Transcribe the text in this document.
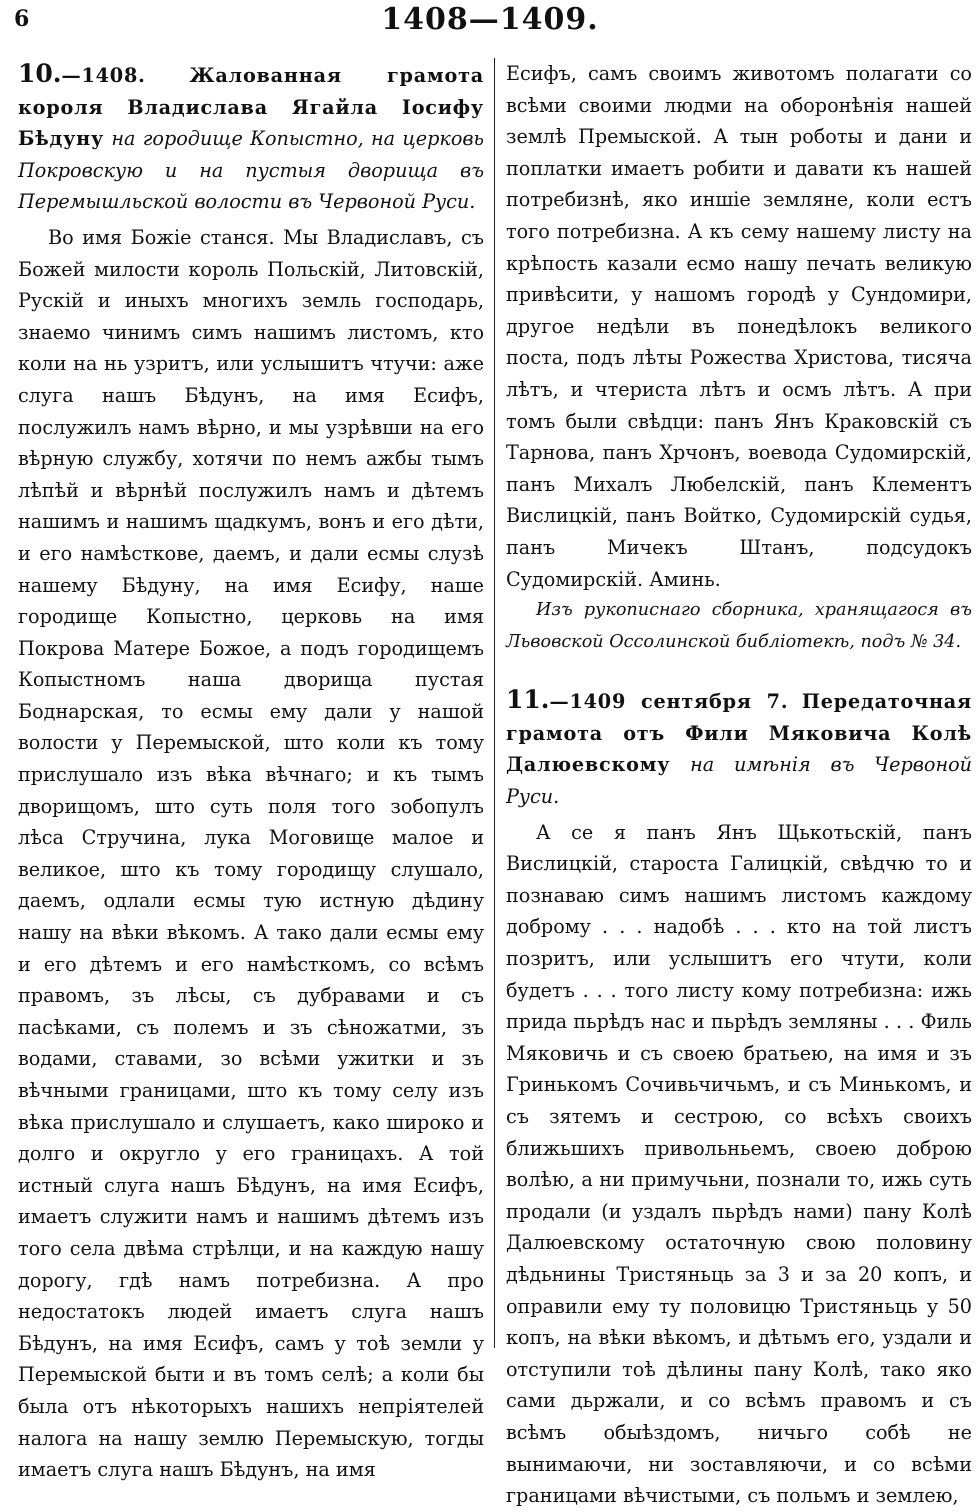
6	1408—1409.

10.—1408. Жалованная грамота короля Владислава Ягайла Іосифу Бѣдуну на городище Копыстно, на церковь Покровскую и на пустыя дворища въ Перемышльской волости въ Червоной Руси.

Во имя Божіе станся. Мы Владиславъ, съ Божей милости король Польскій, Литовскій, Рускій и иныхъ многихъ земль господарь, знаемо чинимъ симъ нашимъ листомъ, кто коли на нь узритъ, или услышитъ чтучи: аже слуга нашъ Бѣдунъ, на имя Есифъ, послужилъ намъ вѣрно, и мы узрѣвши на его вѣрную службу, хотячи по немъ ажбы тымъ лѣпѣй и вѣрнѣй послужилъ намъ и дѣтемъ нашимъ и нашимъ щадкумъ, вонъ и его дѣти, и его намѣсткове, даемъ, и дали есмы слузѣ нашему Бѣдуну, на имя Есифу, наше городище Копыстно, церковь на имя Покрова Матере Божое, а подъ городищемъ Копыстномъ наша дворища пустая Боднарская, то есмы ему дали у нашой волости у Перемыской, што коли къ тому прислушало изъ вѣка вѣчнаго; и къ тымъ дворищомъ, што суть поля того зобопулъ лѣса Стручина, лука Моговище малое и великое, што къ тому городищу слушало, даемъ, одлали есмы тую истную дѣдину нашу на вѣки вѣкомъ. А тако дали есмы ему и его дѣтемъ и его намѣсткомъ, со всѣмъ правомъ, зъ лѣсы, съ дубравами и съ пасѣками, съ полемъ и зъ сѣножатми, зъ водами, ставами, зо всѣми ужитки и зъ вѣчными границами, што къ тому селу изъ вѣка прислушало и слушаетъ, како широко и долго и округло у его границахъ. А той истный слуга нашъ Бѣдунъ, на имя Есифъ, имаетъ служити намъ и нашимъ дѣтемъ изъ того села двѣма стрѣлци, и на каждую нашу дорогу, гдѣ намъ потребизна. А про недостатокъ людей имаетъ слуга нашъ Бѣдунъ, на имя Есифъ, самъ у тоѣ земли у Перемыской быти и въ томъ селѣ; а коли бы была отъ нѣкоторыхъ нашихъ непріятелей налога на нашу землю Перемыскую, тогды имаетъ слуга нашъ Бѣдунъ, на имя

Есифъ, самъ своимъ животомъ полагати со всѣми своими людми на оборонѣнія нашей землѣ Премыской. А тын роботы и дани и поплатки имаетъ робити и давати къ нашей потребизнѣ, яко иншіе земляне, коли естъ того потребизна. А къ сему нашему листу на крѣпость казали есмо нашу печать великую привѣсити, у нашомъ городѣ у Сундомири, другое недѣли въ понедѣлокъ великого поста, подъ лѣты Рожества Христова, тисяча лѣтъ, и чтериста лѣтъ и осмъ лѣтъ. А при томъ были свѣдци: панъ Янъ Краковскій съ Тарнова, панъ Хрчонъ, воевода Судомирскій, панъ Михалъ Любелскій, панъ Клементъ Вислицкій, панъ Войтко, Судомирскій судья, панъ Мичекъ Штанъ, подсудокъ Судомирскій. Аминь.

Изъ рукописнаго сборника, хранящагося въ Львовской Оссолинской библіотекѣ, подъ № 34.

11.—1409 сентября 7. Передаточная грамота отъ Фили Мяковича Колѣ Далюевскому на имѣнія въ Червоной Руси.

А се я панъ Янъ Щькотьскій, панъ Вислицкій, староста Галицкій, свѣдчю то и познаваю симъ нашимъ листомъ каждому доброму . . . надобѣ . . . кто на той листъ позритъ, или услышитъ его чтути, коли будетъ . . . того листу кому потребизна: ижь прида пьрѣдъ нас и пьрѣдъ земляны . . . Филь Мяковичь и съ своею братьею, на имя и зъ Гринькомъ Сочивьчичьмъ, и съ Минькомъ, и съ зятемъ и сестрою, со всѣхъ своихъ ближьшихъ привольньемъ, своею доброю волѣю, а ни примучьни, познали то, ижь суть продали (и уздалъ пьрѣдъ нами) пану Колѣ Далюевскому остаточную свою половину дѣдьнины Тристяньць за 3 и за 20 копъ, и оправили ему ту половицю Тристяньць у 50 копъ, на вѣки вѣкомъ, и дѣтьмъ его, уздали и отступили тоѣ дѣлины пану Колѣ, тако яко сами дьржали, и со всѣмъ правомъ и съ всѣмъ обыѣздомъ, ничьго собѣ не вынимаючи, ни зоставляючи, и со всѣми границами вѣчистыми, съ польмъ и землею,
